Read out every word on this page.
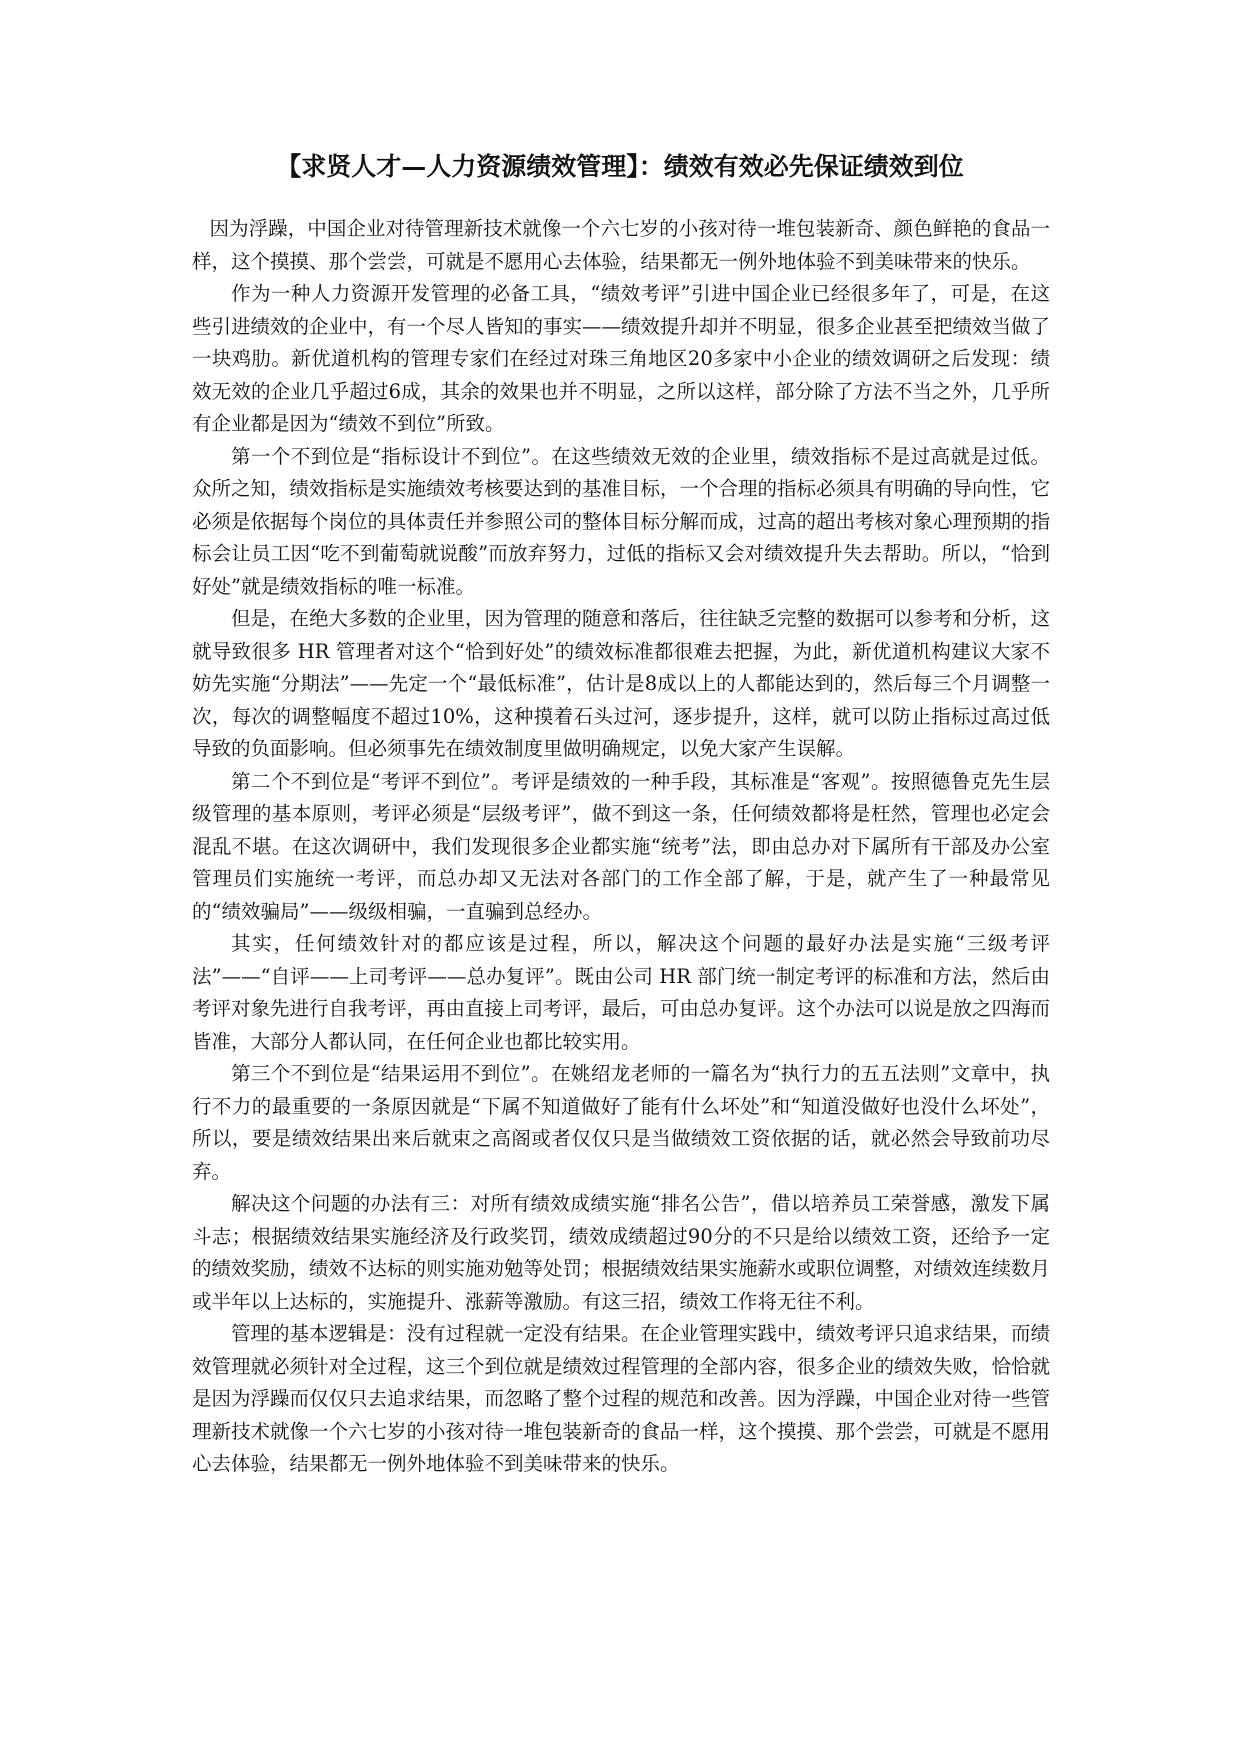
【求贤人才—人力资源绩效管理】：绩效有效必先保证绩效到位

因为浮躁，中国企业对待管理新技术就像一个六七岁的小孩对待一堆包装新奇、颜色鲜艳的食品一样，这个摸摸、那个尝尝，可就是不愿用心去体验，结果都无一例外地体验不到美味带来的快乐。

作为一种人力资源开发管理的必备工具，“绩效考评”引进中国企业已经很多年了，可是，在这些引进绩效的企业中，有一个尽人皆知的事实——绩效提升却并不明显，很多企业甚至把绩效当做了一块鸡肋。新优道机构的管理专家们在经过对珠三角地区20多家中小企业的绩效调研之后发现：绩效无效的企业几乎超过6成，其余的效果也并不明显，之所以这样，部分除了方法不当之外，几乎所有企业都是因为“绩效不到位”所致。

第一个不到位是“指标设计不到位”。在这些绩效无效的企业里，绩效指标不是过高就是过低。众所之知，绩效指标是实施绩效考核要达到的基准目标，一个合理的指标必须具有明确的导向性，它必须是依据每个岗位的具体责任并参照公司的整体目标分解而成，过高的超出考核对象心理预期的指标会让员工因“吃不到葡萄就说酸”而放弃努力，过低的指标又会对绩效提升失去帮助。所以，“恰到好处”就是绩效指标的唯一标准。

但是，在绝大多数的企业里，因为管理的随意和落后，往往缺乏完整的数据可以参考和分析，这就导致很多 HR 管理者对这个“恰到好处”的绩效标准都很难去把握，为此，新优道机构建议大家不妨先实施“分期法”——先定一个“最低标准”，估计是8成以上的人都能达到的，然后每三个月调整一次，每次的调整幅度不超过10%，这种摸着石头过河，逐步提升，这样，就可以防止指标过高过低导致的负面影响。但必须事先在绩效制度里做明确规定，以免大家产生误解。

第二个不到位是“考评不到位”。考评是绩效的一种手段，其标准是“客观”。按照德鲁克先生层级管理的基本原则，考评必须是“层级考评”，做不到这一条，任何绩效都将是枉然，管理也必定会混乱不堪。在这次调研中，我们发现很多企业都实施“统考”法，即由总办对下属所有干部及办公室管理员们实施统一考评，而总办却又无法对各部门的工作全部了解，于是，就产生了一种最常见的“绩效骗局”——级级相骗，一直骗到总经办。

其实，任何绩效针对的都应该是过程，所以，解决这个问题的最好办法是实施“三级考评法”——“自评——上司考评——总办复评”。既由公司 HR 部门统一制定考评的标准和方法，然后由考评对象先进行自我考评，再由直接上司考评，最后，可由总办复评。这个办法可以说是放之四海而皆准，大部分人都认同，在任何企业也都比较实用。

第三个不到位是“结果运用不到位”。在姚绍龙老师的一篇名为“执行力的五五法则”文章中，执行不力的最重要的一条原因就是“下属不知道做好了能有什么坏处”和“知道没做好也没什么坏处”，所以，要是绩效结果出来后就束之高阁或者仅仅只是当做绩效工资依据的话，就必然会导致前功尽弃。

解决这个问题的办法有三：对所有绩效成绩实施“排名公告”，借以培养员工荣誉感，激发下属斗志；根据绩效结果实施经济及行政奖罚，绩效成绩超过90分的不只是给以绩效工资，还给予一定的绩效奖励，绩效不达标的则实施劝勉等处罚；根据绩效结果实施薪水或职位调整，对绩效连续数月或半年以上达标的，实施提升、涨薪等激励。有这三招，绩效工作将无往不利。

管理的基本逻辑是：没有过程就一定没有结果。在企业管理实践中，绩效考评只追求结果，而绩效管理就必须针对全过程，这三个到位就是绩效过程管理的全部内容，很多企业的绩效失败，恰恰就是因为浮躁而仅仅只去追求结果，而忽略了整个过程的规范和改善。因为浮躁，中国企业对待一些管理新技术就像一个六七岁的小孩对待一堆包装新奇的食品一样，这个摸摸、那个尝尝，可就是不愿用心去体验，结果都无一例外地体验不到美味带来的快乐。
